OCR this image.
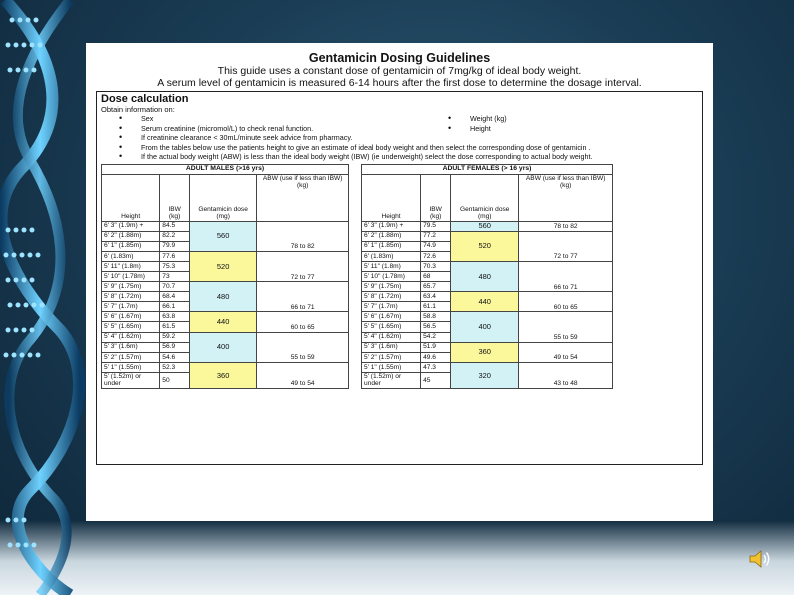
Gentamicin Dosing Guidelines
This guide uses a constant dose of gentamicin of 7mg/kg of ideal body weight.
A serum level of gentamicin is measured 6-14 hours after the first dose to determine the dosage interval.
Dose calculation
Obtain information on:
• Sex	• Weight (kg)
• Serum creatinine (micromol/L) to check renal function.	• Height
• If creatinine clearance < 30mL/minute seek advice from pharmacy.
• From the tables below use the patients height to give an estimate of ideal body weight and then select the corresponding dose of gentamicin .
• If the actual body weight (ABW) is less than the ideal body weight (IBW) (ie underweight) select the dose corresponding to actual body weight.
ADULT MALES (>16 yrs)			
Height	IBW (kg)	Gentamicin dose (mg)	ABW (use if less than IBW) (kg)
6' 3" (1.9m) +	84.5	560	78 to 82
6' 2" (1.88m)	82.2		
6' 1" (1.85m)	79.9		
6' (1.83m)	77.6	520	72 to 77
5' 11" (1.8m)	75.3		
5' 10" (1.78m)	73		
5' 9" (1.75m)	70.7	480	66 to 71
5' 8" (1.72m)	68.4		
5' 7" (1.7m)	66.1		
5' 6" (1.67m)	63.8	440	60 to 65
5' 5" (1.65m)	61.5		
5' 4" (1.62m)	59.2	400	55 to 59
5' 3" (1.6m)	56.9		
5' 2" (1.57m)	54.6		
5' 1" (1.55m)	52.3	360	49 to 54
5' (1.52m) or under	50		
ADULT FEMALES (> 16 yrs)			
Height	IBW (kg)	Gentamicin dose (mg)	ABW (use if less than IBW) (kg)
6' 3" (1.9m) +	79.5	560	78 to 82
6' 2" (1.88m)	77.2	520	72 to 77
6' 1" (1.85m)	74.9		
6' (1.83m)	72.6		
5' 11" (1.8m)	70.3	480	66 to 71
5' 10" (1.78m)	68		
5' 9" (1.75m)	65.7		
5' 8" (1.72m)	63.4	440	60 to 65
5' 7" (1.7m)	61.1		
5' 6" (1.67m)	58.8	400	55 to 59
5' 5" (1.65m)	56.5		
5' 4" (1.62m)	54.2		
5' 3" (1.6m)	51.9	360	49 to 54
5' 2" (1.57m)	49.6		
5' 1" (1.55m)	47.3	320	43 to 48
5' (1.52m) or under	45		
